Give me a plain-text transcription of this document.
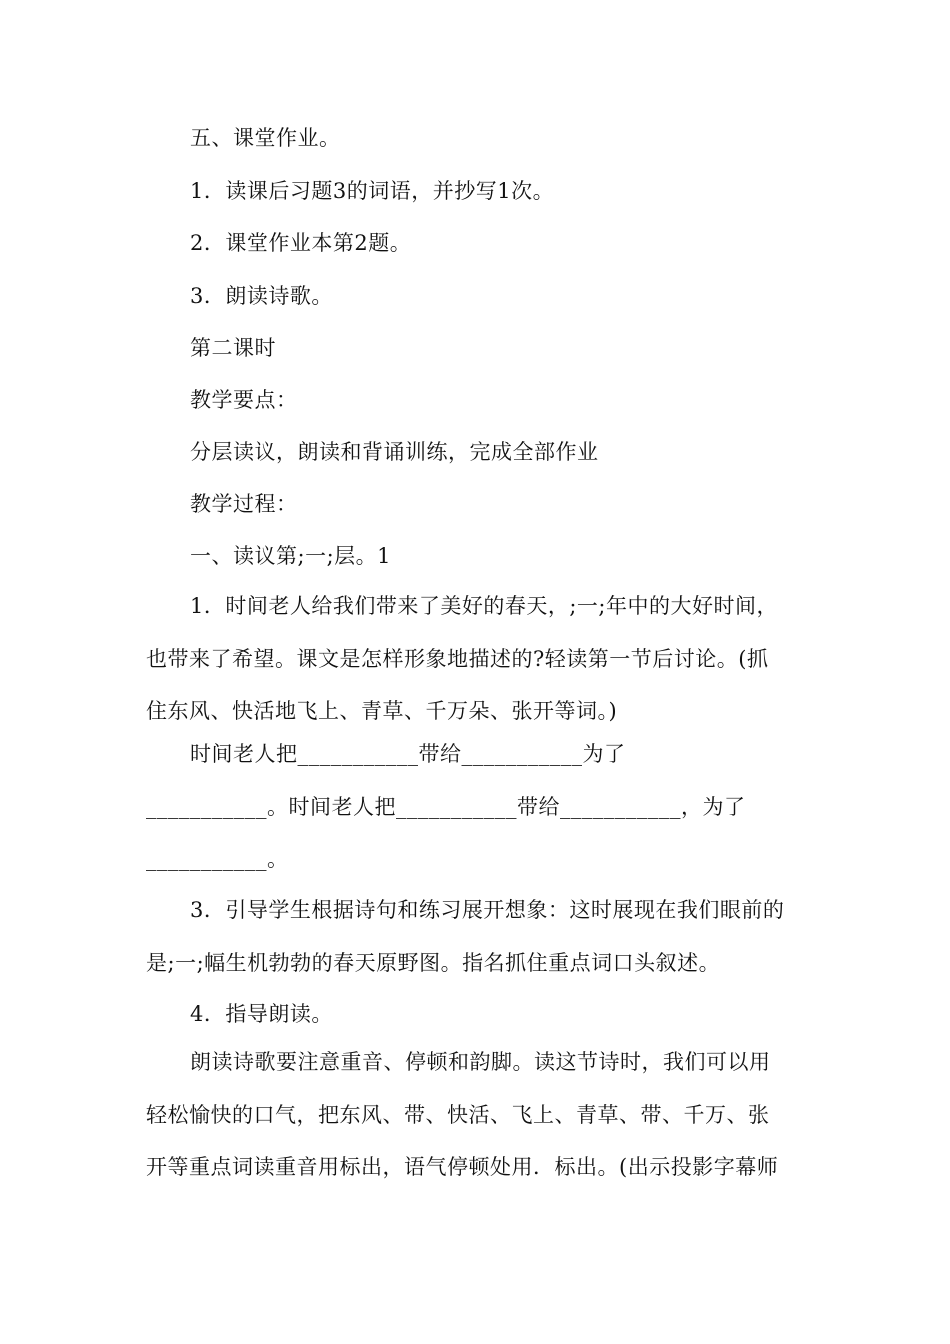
五、课堂作业。

1．读课后习题3的词语，并抄写1次。

2．课堂作业本第2题。

3．朗读诗歌。

第二课时

教学要点：

分层读议，朗读和背诵训练，完成全部作业

教学过程：

一、读议第;一;层。1

1．时间老人给我们带来了美好的春天，;一;年中的大好时间，
也带来了希望。课文是怎样形象地描述的?轻读第一节后讨论。(抓
住东风、快活地飞上、青草、千万朵、张开等词。)
时间老人把___________带给___________为了
___________。时间老人把___________带给___________，为了
___________。
3．引导学生根据诗句和练习展开想象：这时展现在我们眼前的
是;一;幅生机勃勃的春天原野图。指名抓住重点词口头叙述。

4．指导朗读。

朗读诗歌要注意重音、停顿和韵脚。读这节诗时，我们可以用
轻松愉快的口气，把东风、带、快活、飞上、青草、带、千万、张
开等重点词读重音用标出，语气停顿处用．标出。(出示投影字幕师
